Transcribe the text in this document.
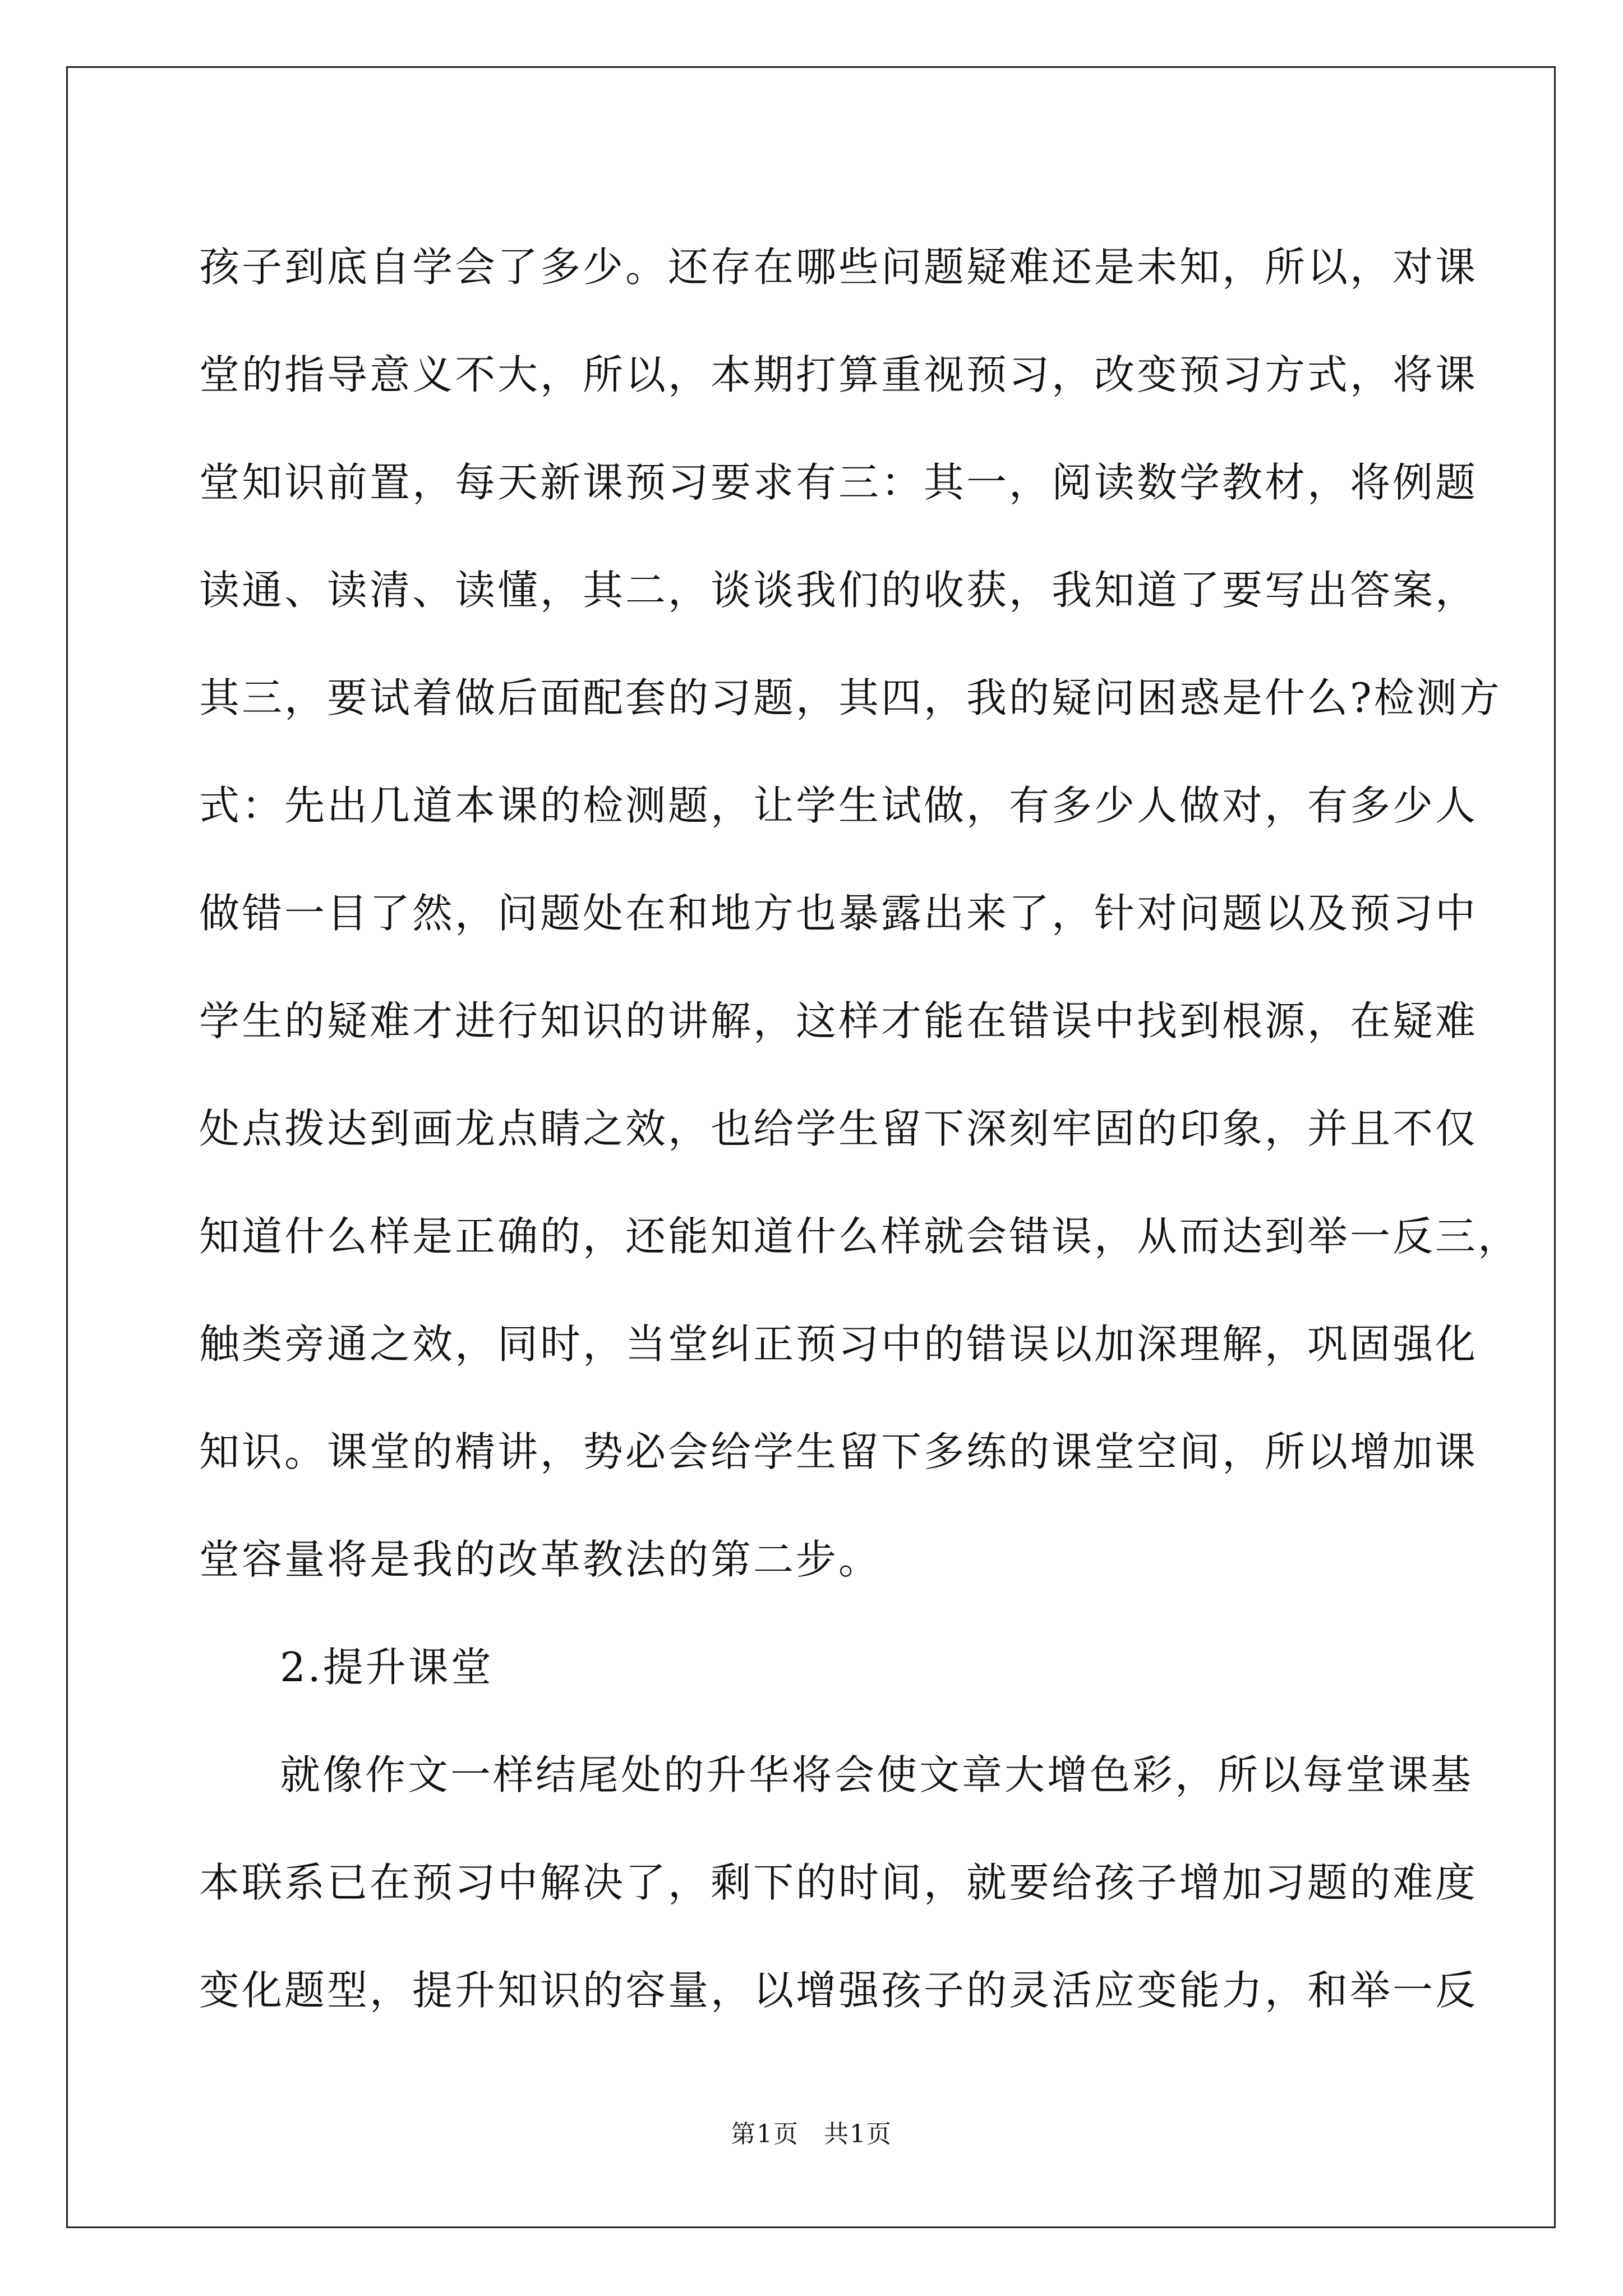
孩子到底自学会了多少。还存在哪些问题疑难还是未知，所以，对课
堂的指导意义不大，所以，本期打算重视预习，改变预习方式，将课
堂知识前置，每天新课预习要求有三：其一，阅读数学教材，将例题
读通、读清、读懂，其二，谈谈我们的收获，我知道了要写出答案，
其三，要试着做后面配套的习题，其四，我的疑问困惑是什么?检测方
式：先出几道本课的检测题，让学生试做，有多少人做对，有多少人
做错一目了然，问题处在和地方也暴露出来了，针对问题以及预习中
学生的疑难才进行知识的讲解，这样才能在错误中找到根源，在疑难
处点拨达到画龙点睛之效，也给学生留下深刻牢固的印象，并且不仅
知道什么样是正确的，还能知道什么样就会错误，从而达到举一反三，
触类旁通之效，同时，当堂纠正预习中的错误以加深理解，巩固强化
知识。课堂的精讲，势必会给学生留下多练的课堂空间，所以增加课
堂容量将是我的改革教法的第二步。
2.提升课堂
就像作文一样结尾处的升华将会使文章大增色彩，所以每堂课基
本联系已在预习中解决了，剩下的时间，就要给孩子增加习题的难度
变化题型，提升知识的容量，以增强孩子的灵活应变能力，和举一反
第1页 共1页
